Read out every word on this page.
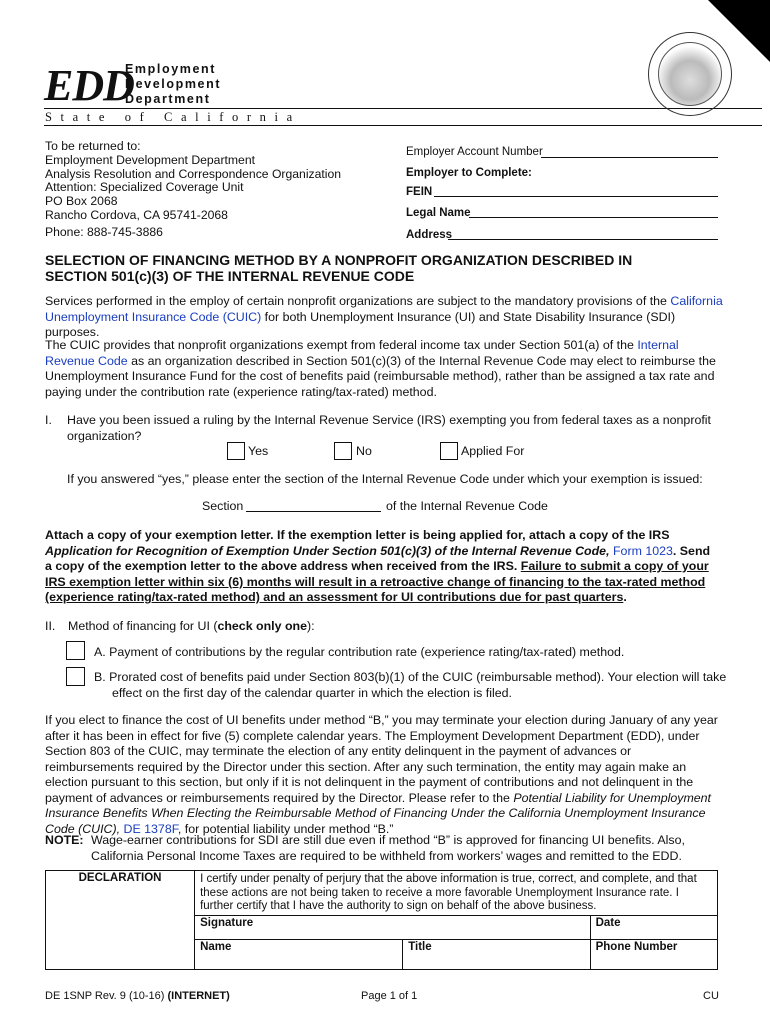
EDD
Employment
Development
Department
State of California
To be returned to:
Employment Development Department
Analysis Resolution and Correspondence Organization
Attention: Specialized Coverage Unit
PO Box 2068
Rancho Cordova, CA 95741-2068
Phone: 888-745-3886
Employer Account Number
Employer to Complete:
FEIN
Legal Name
Address
SELECTION OF FINANCING METHOD BY A NONPROFIT ORGANIZATION DESCRIBED IN SECTION 501(c)(3) OF THE INTERNAL REVENUE CODE
Services performed in the employ of certain nonprofit organizations are subject to the mandatory provisions of the California Unemployment Insurance Code (CUIC) for both Unemployment Insurance (UI) and State Disability Insurance (SDI) purposes.
The CUIC provides that nonprofit organizations exempt from federal income tax under Section 501(a) of the Internal Revenue Code as an organization described in Section 501(c)(3) of the Internal Revenue Code may elect to reimburse the Unemployment Insurance Fund for the cost of benefits paid (reimbursable method), rather than be assigned a tax rate and paying under the contribution rate (experience rating/tax-rated) method.
I. Have you been issued a ruling by the Internal Revenue Service (IRS) exempting you from federal taxes as a nonprofit organization?
Yes	No	Applied For
If you answered “yes,” please enter the section of the Internal Revenue Code under which your exemption is issued:
Section	of the Internal Revenue Code
Attach a copy of your exemption letter. If the exemption letter is being applied for, attach a copy of the IRS Application for Recognition of Exemption Under Section 501(c)(3) of the Internal Revenue Code, Form 1023. Send a copy of the exemption letter to the above address when received from the IRS. Failure to submit a copy of your IRS exemption letter within six (6) months will result in a retroactive change of financing to the tax-rated method (experience rating/tax-rated method) and an assessment for UI contributions due for past quarters.
II. Method of financing for UI (check only one):
A. Payment of contributions by the regular contribution rate (experience rating/tax-rated) method.
B. Prorated cost of benefits paid under Section 803(b)(1) of the CUIC (reimbursable method). Your election will take effect on the first day of the calendar quarter in which the election is filed.
If you elect to finance the cost of UI benefits under method “B,” you may terminate your election during January of any year after it has been in effect for five (5) complete calendar years. The Employment Development Department (EDD), under Section 803 of the CUIC, may terminate the election of any entity delinquent in the payment of advances or reimbursements required by the Director under this section. After any such termination, the entity may again make an election pursuant to this section, but only if it is not delinquent in the payment of contributions and not delinquent in the payment of advances or reimbursements required by the Director. Please refer to the Potential Liability for Unemployment Insurance Benefits When Electing the Reimbursable Method of Financing Under the California Unemployment Insurance Code (CUIC), DE 1378F, for potential liability under method “B.”
NOTE: Wage-earner contributions for SDI are still due even if method “B” is approved for financing UI benefits. Also, California Personal Income Taxes are required to be withheld from workers’ wages and remitted to the EDD.
DECLARATION	I certify under penalty of perjury that the above information is true, correct, and complete, and that these actions are not being taken to receive a more favorable Unemployment Insurance rate. I further certify that I have the authority to sign on behalf of the above business.		
	Signature		Date
	Name	Title	Phone Number
DE 1SNP Rev. 9 (10-16) (INTERNET)	Page 1 of 1	CU
